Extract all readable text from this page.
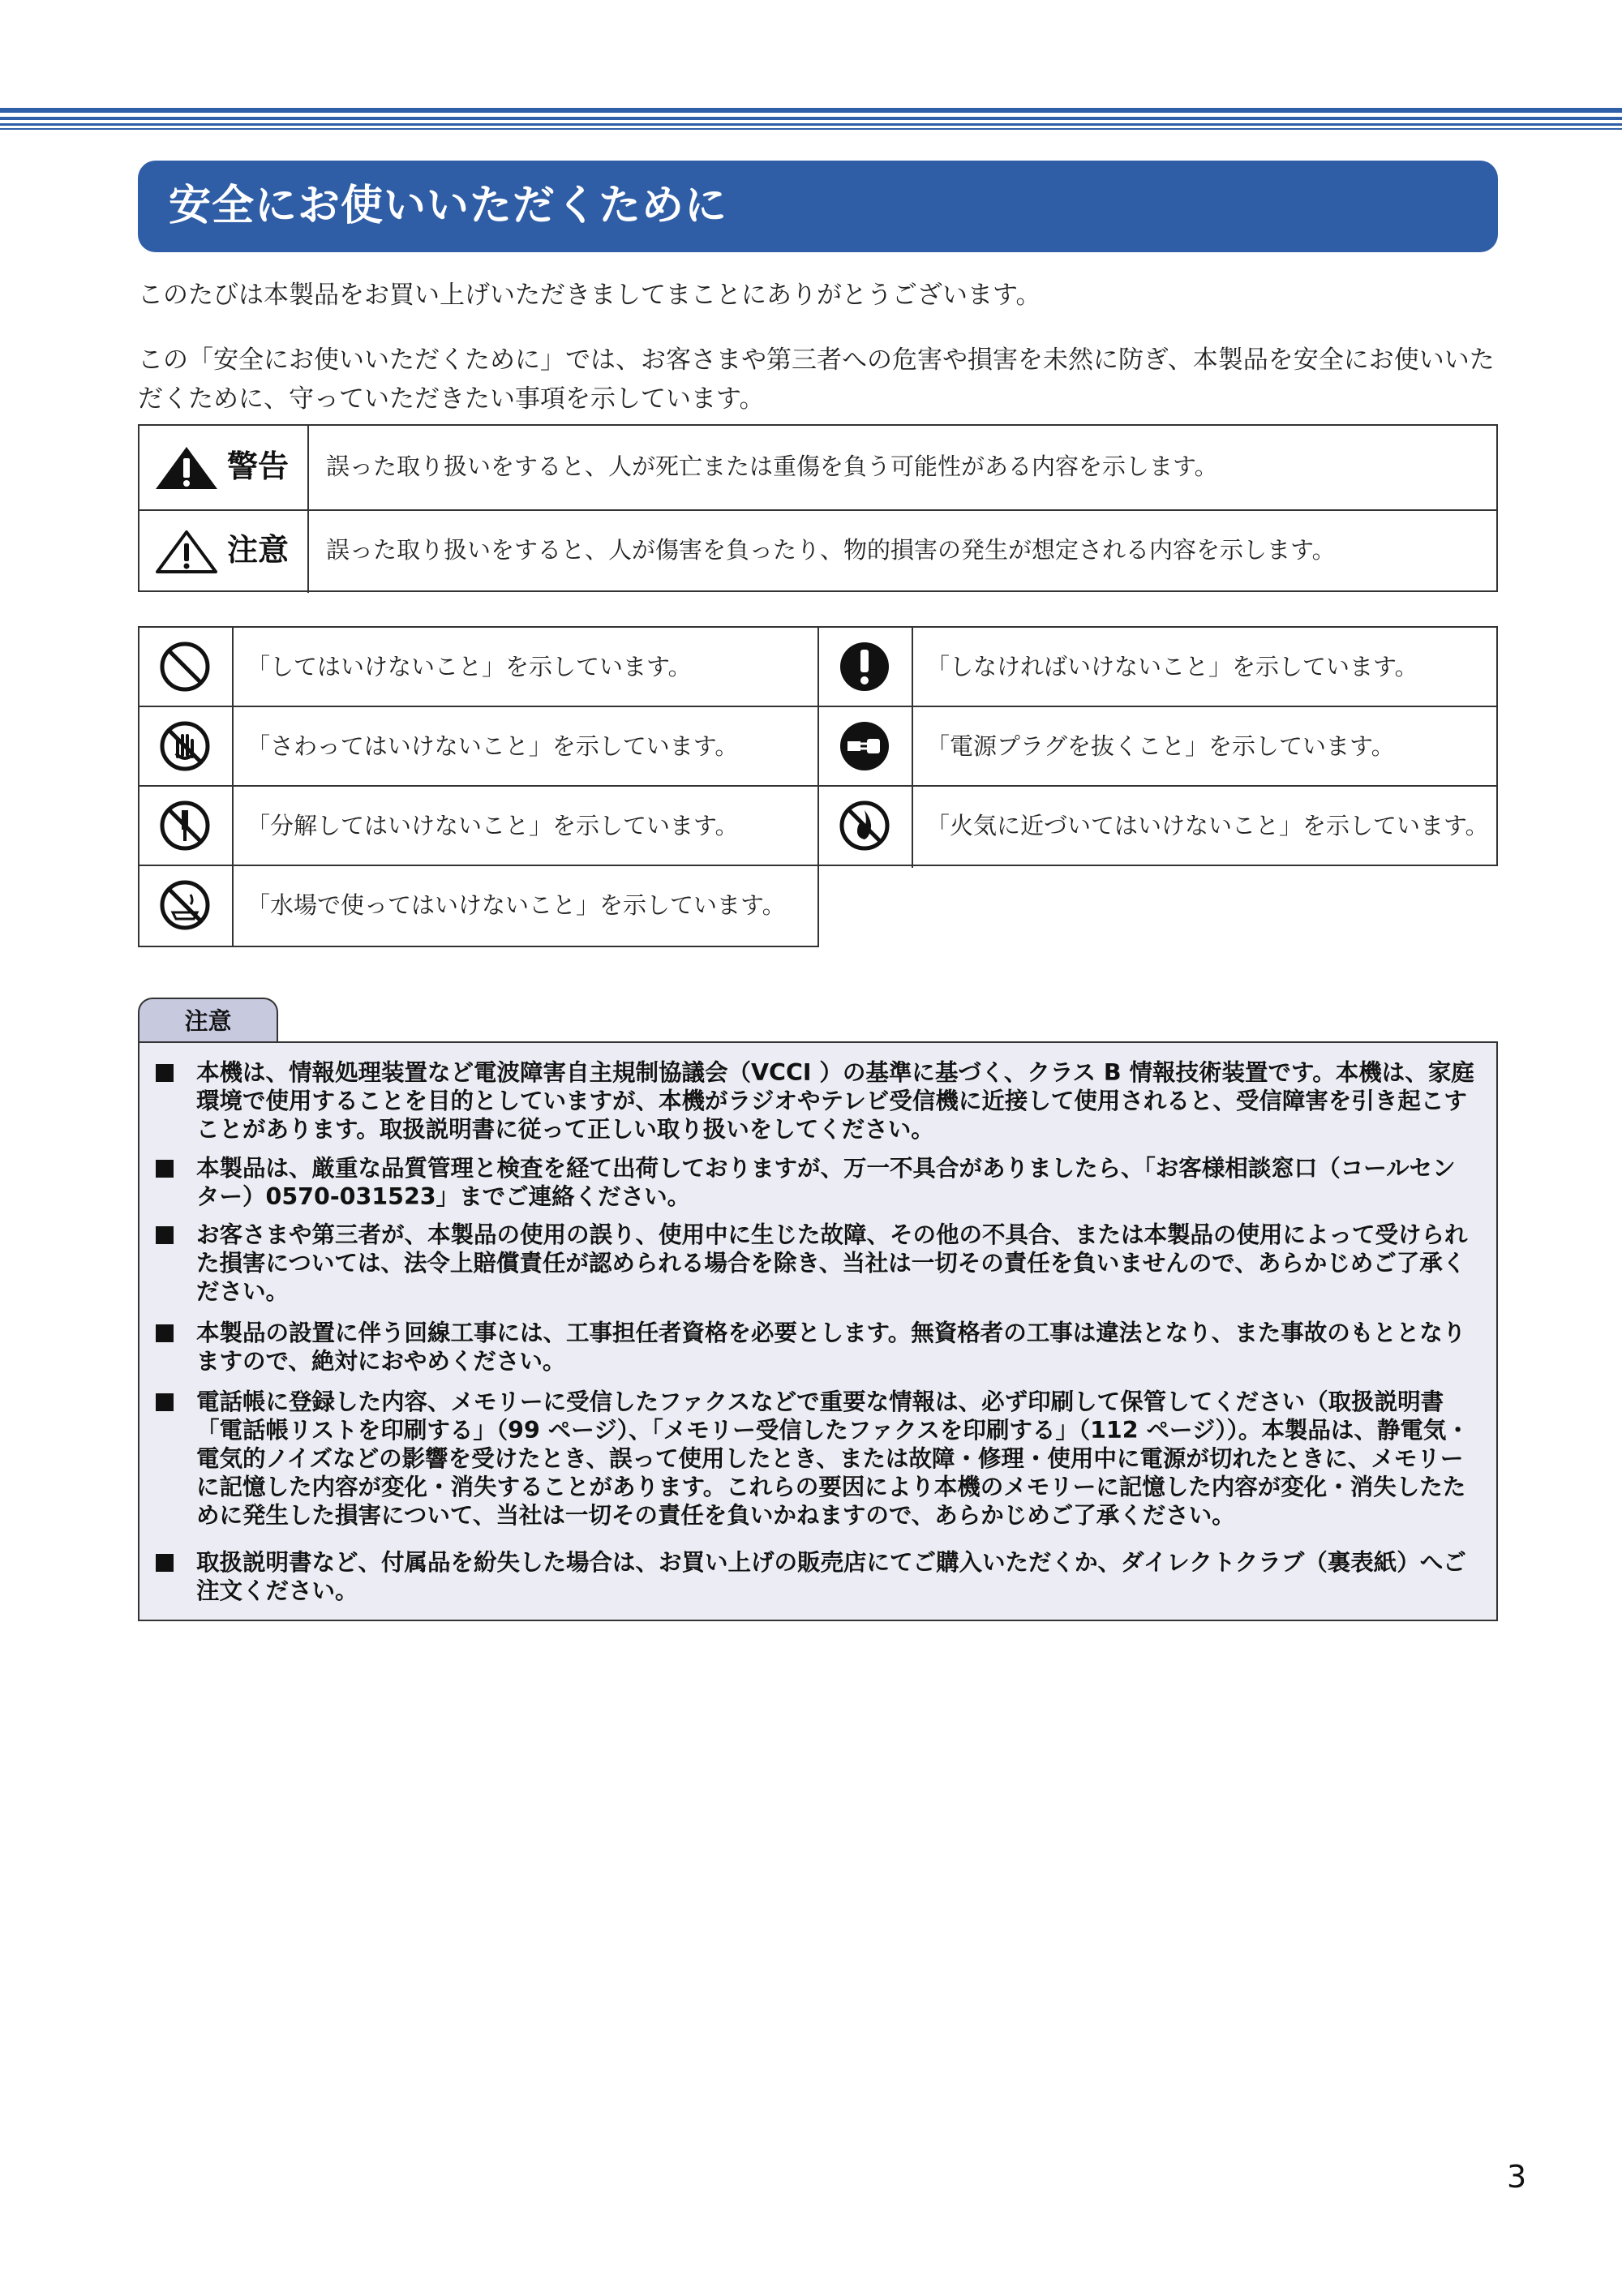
安全にお使いいただくために
このたびは本製品をお買い上げいただきましてまことにありがとうございます。
この「安全にお使いいただくために」では、お客さまや第三者への危害や損害を未然に防ぎ、本製品を安全にお使いいただくために、守っていただきたい事項を示しています。
警告 誤った取り扱いをすると、人が死亡または重傷を負う可能性がある内容を示します。
注意 誤った取り扱いをすると、人が傷害を負ったり、物的損害の発生が想定される内容を示します。
「してはいけないこと」を示しています。	「しなければいけないこと」を示しています。
「さわってはいけないこと」を示しています。	「電源プラグを抜くこと」を示しています。
「分解してはいけないこと」を示しています。	「火気に近づいてはいけないこと」を示しています。
「水場で使ってはいけないこと」を示しています。
注意
本機は、情報処理装置など電波障害自主規制協議会（VCCI ）の基準に基づく、クラス B 情報技術装置です。本機は、家庭環境で使用することを目的としていますが、本機がラジオやテレビ受信機に近接して使用されると、受信障害を引き起こすことがあります。取扱説明書に従って正しい取り扱いをしてください。
本製品は、厳重な品質管理と検査を経て出荷しておりますが、万一不具合がありましたら、「お客様相談窓口（コールセンター）0570-031523」までご連絡ください。
お客さまや第三者が、本製品の使用の誤り、使用中に生じた故障、その他の不具合、または本製品の使用によって受けられた損害については、法令上賠償責任が認められる場合を除き、当社は一切その責任を負いませんので、あらかじめご了承ください。
本製品の設置に伴う回線工事には、工事担任者資格を必要とします。無資格者の工事は違法となり、また事故のもととなりますので、絶対におやめください。
電話帳に登録した内容、メモリーに受信したファクスなどで重要な情報は、必ず印刷して保管してください（取扱説明書「電話帳リストを印刷する」（99 ページ）、「メモリー受信したファクスを印刷する」（112 ページ））。本製品は、静電気・電気的ノイズなどの影響を受けたとき、誤って使用したとき、または故障・修理・使用中に電源が切れたときに、メモリーに記憶した内容が変化・消失することがあります。これらの要因により本機のメモリーに記憶した内容が変化・消失したために発生した損害について、当社は一切その責任を負いかねますので、あらかじめご了承ください。
取扱説明書など、付属品を紛失した場合は、お買い上げの販売店にてご購入いただくか、ダイレクトクラブ（裏表紙）へご注文ください。
3
